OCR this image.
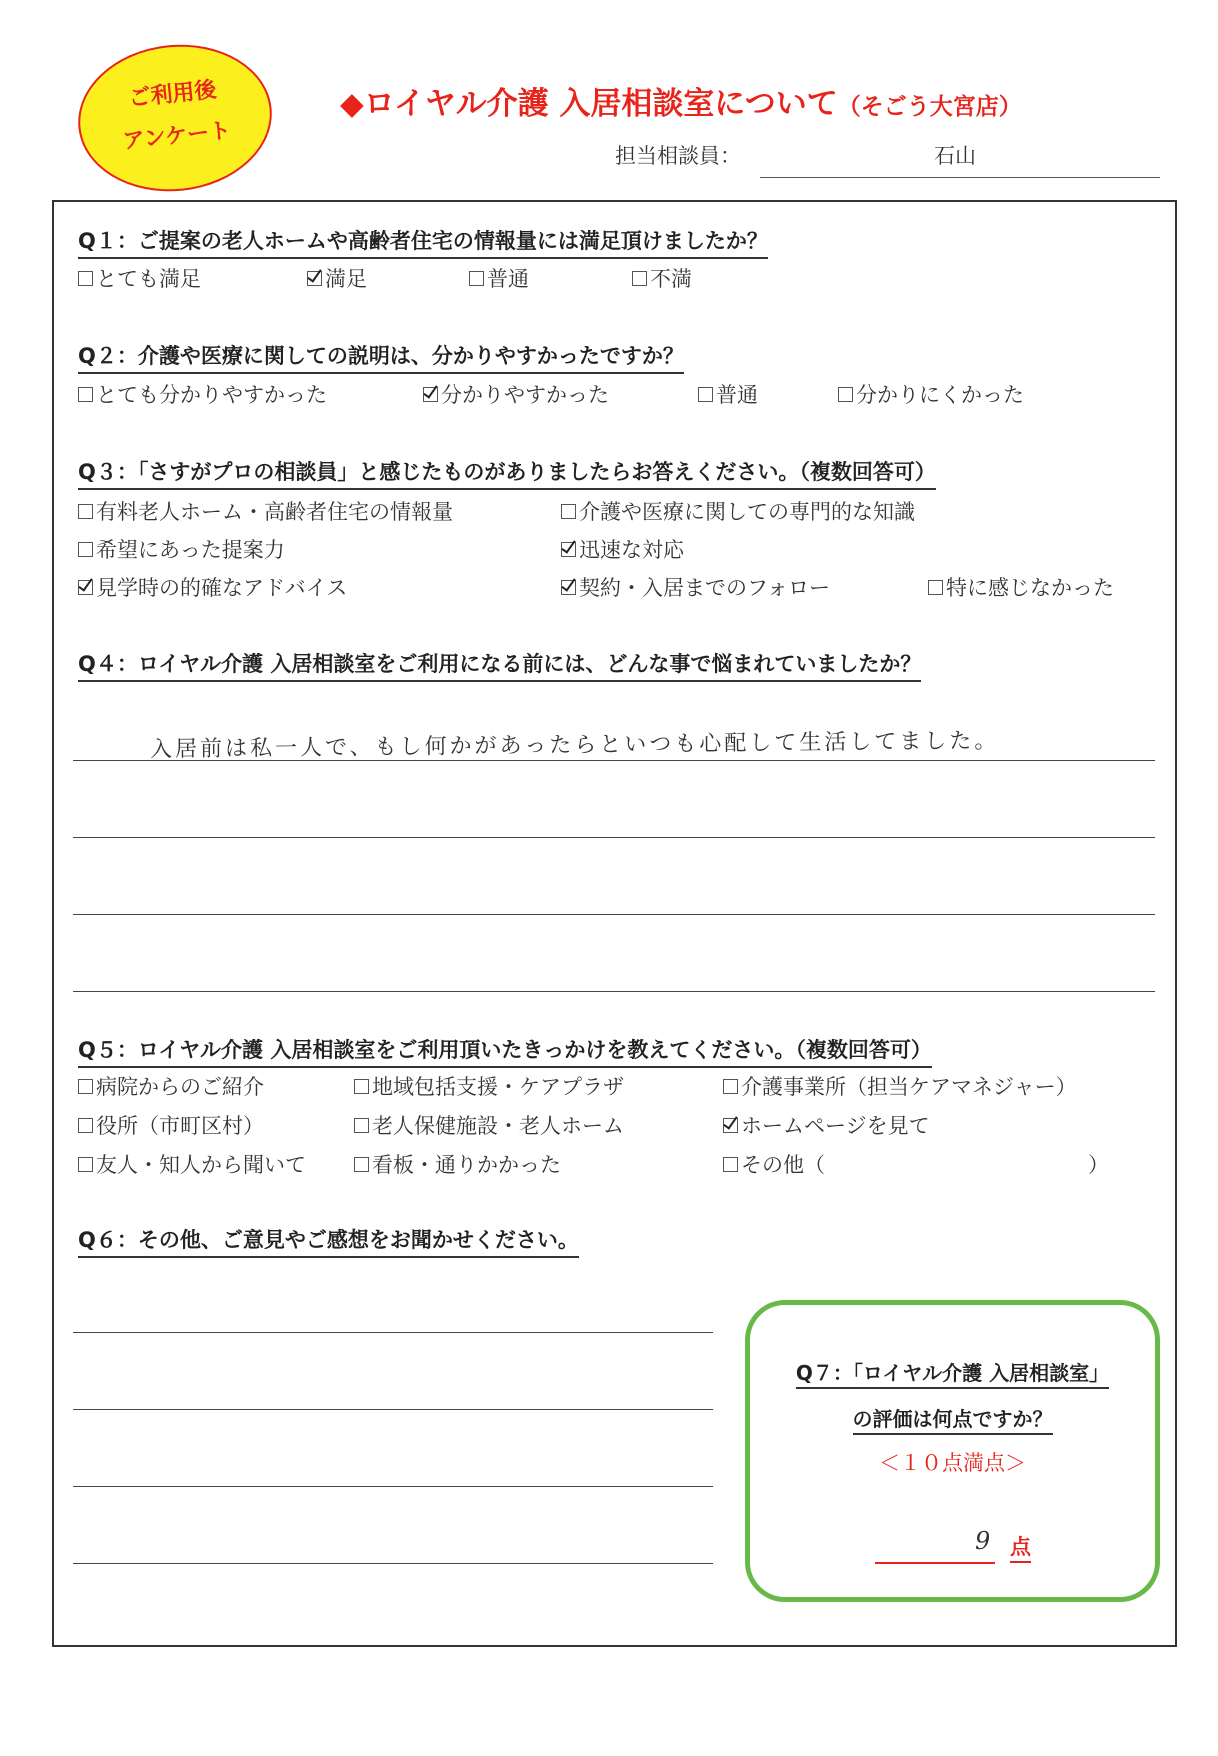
ご利用後
アンケート
◆ロイヤル介護 入居相談室について（そごう大宮店）
担当相談員：	石山
Q１：ご提案の老人ホームや高齢者住宅の情報量には満足頂けましたか？
とても満足	満足	普通	不満
Q２：介護や医療に関しての説明は、分かりやすかったですか？
とても分かりやすかった	分かりやすかった	普通	分かりにくかった
Q３：「さすがプロの相談員」と感じたものがありましたらお答えください。（複数回答可）
有料老人ホーム・高齢者住宅の情報量	介護や医療に関しての専門的な知識
希望にあった提案力	迅速な対応
見学時の的確なアドバイス	契約・入居までのフォロー	特に感じなかった
Q４：ロイヤル介護 入居相談室をご利用になる前には、どんな事で悩まれていましたか？
入居前は私一人で、もし何かがあったらといつも心配して生活してました。
Q５：ロイヤル介護 入居相談室をご利用頂いたきっかけを教えてください。（複数回答可）
病院からのご紹介	地域包括支援・ケアプラザ	介護事業所（担当ケアマネジャー）
役所（市町区村）	老人保健施設・老人ホーム	ホームページを見て
友人・知人から聞いて	看板・通りかかった	その他（	）
Q６：その他、ご意見やご感想をお聞かせください。
Q７：「ロイヤル介護 入居相談室」
の評価は何点ですか？
＜１０点満点＞
9 点
